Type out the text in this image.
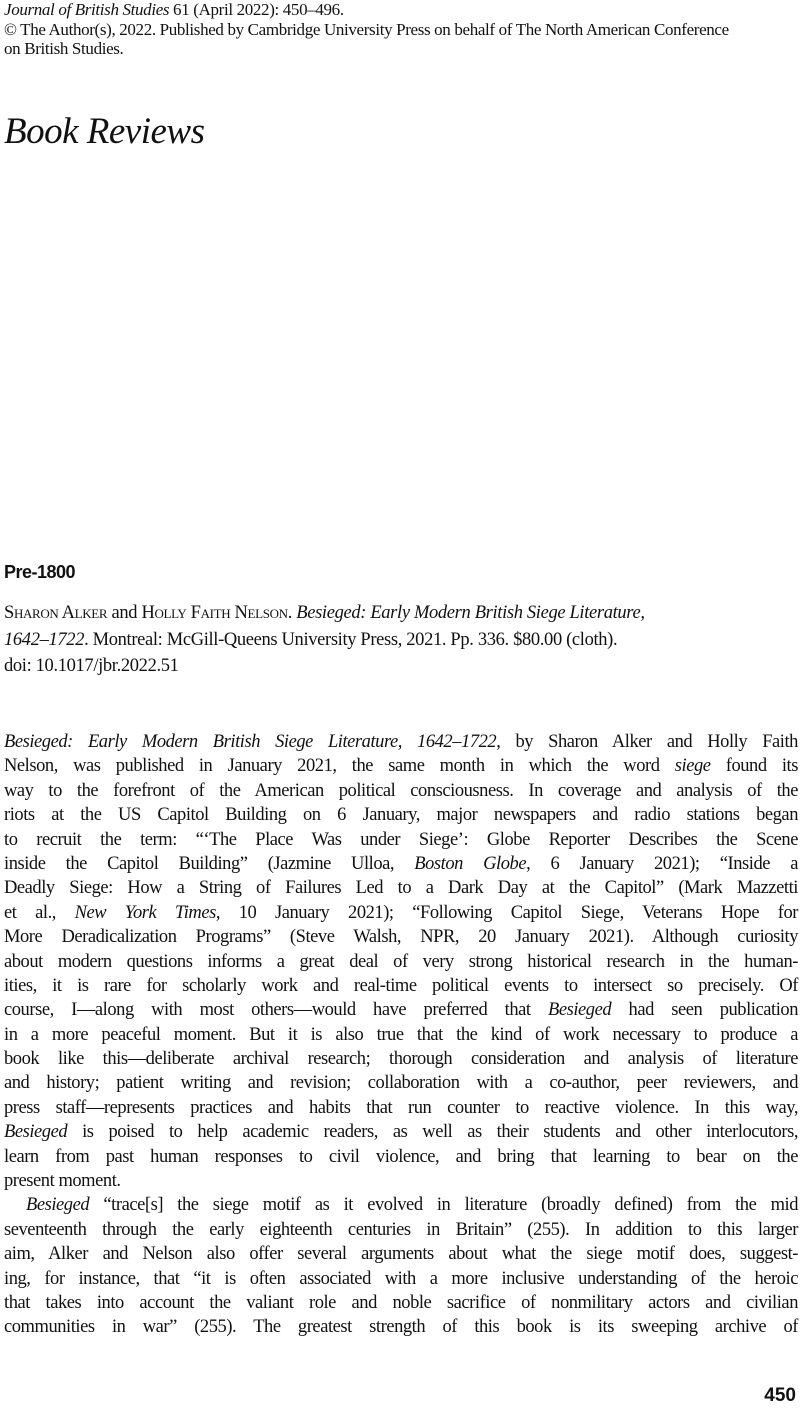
Journal of British Studies 61 (April 2022): 450–496.
© The Author(s), 2022. Published by Cambridge University Press on behalf of The North American Conference
on British Studies.
Book Reviews
Pre-1800
Sharon Alker and Holly Faith Nelson. Besieged: Early Modern British Siege Literature,
1642–1722. Montreal: McGill-Queens University Press, 2021. Pp. 336. $80.00 (cloth).
doi: 10.1017/jbr.2022.51
Besieged: Early Modern British Siege Literature, 1642–1722, by Sharon Alker and Holly Faith
Nelson, was published in January 2021, the same month in which the word siege found its
way to the forefront of the American political consciousness. In coverage and analysis of the
riots at the US Capitol Building on 6 January, major newspapers and radio stations began
to recruit the term: “‘The Place Was under Siege’: Globe Reporter Describes the Scene
inside the Capitol Building” (Jazmine Ulloa, Boston Globe, 6 January 2021); “Inside a
Deadly Siege: How a String of Failures Led to a Dark Day at the Capitol” (Mark Mazzetti
et al., New York Times, 10 January 2021); “Following Capitol Siege, Veterans Hope for
More Deradicalization Programs” (Steve Walsh, NPR, 20 January 2021). Although curiosity
about modern questions informs a great deal of very strong historical research in the human-
ities, it is rare for scholarly work and real-time political events to intersect so precisely. Of
course, I—along with most others—would have preferred that Besieged had seen publication
in a more peaceful moment. But it is also true that the kind of work necessary to produce a
book like this—deliberate archival research; thorough consideration and analysis of literature
and history; patient writing and revision; collaboration with a co-author, peer reviewers, and
press staff—represents practices and habits that run counter to reactive violence. In this way,
Besieged is poised to help academic readers, as well as their students and other interlocutors,
learn from past human responses to civil violence, and bring that learning to bear on the
present moment.
Besieged “trace[s] the siege motif as it evolved in literature (broadly defined) from the mid
seventeenth through the early eighteenth centuries in Britain” (255). In addition to this larger
aim, Alker and Nelson also offer several arguments about what the siege motif does, suggest-
ing, for instance, that “it is often associated with a more inclusive understanding of the heroic
that takes into account the valiant role and noble sacrifice of nonmilitary actors and civilian
communities in war” (255). The greatest strength of this book is its sweeping archive of
450
